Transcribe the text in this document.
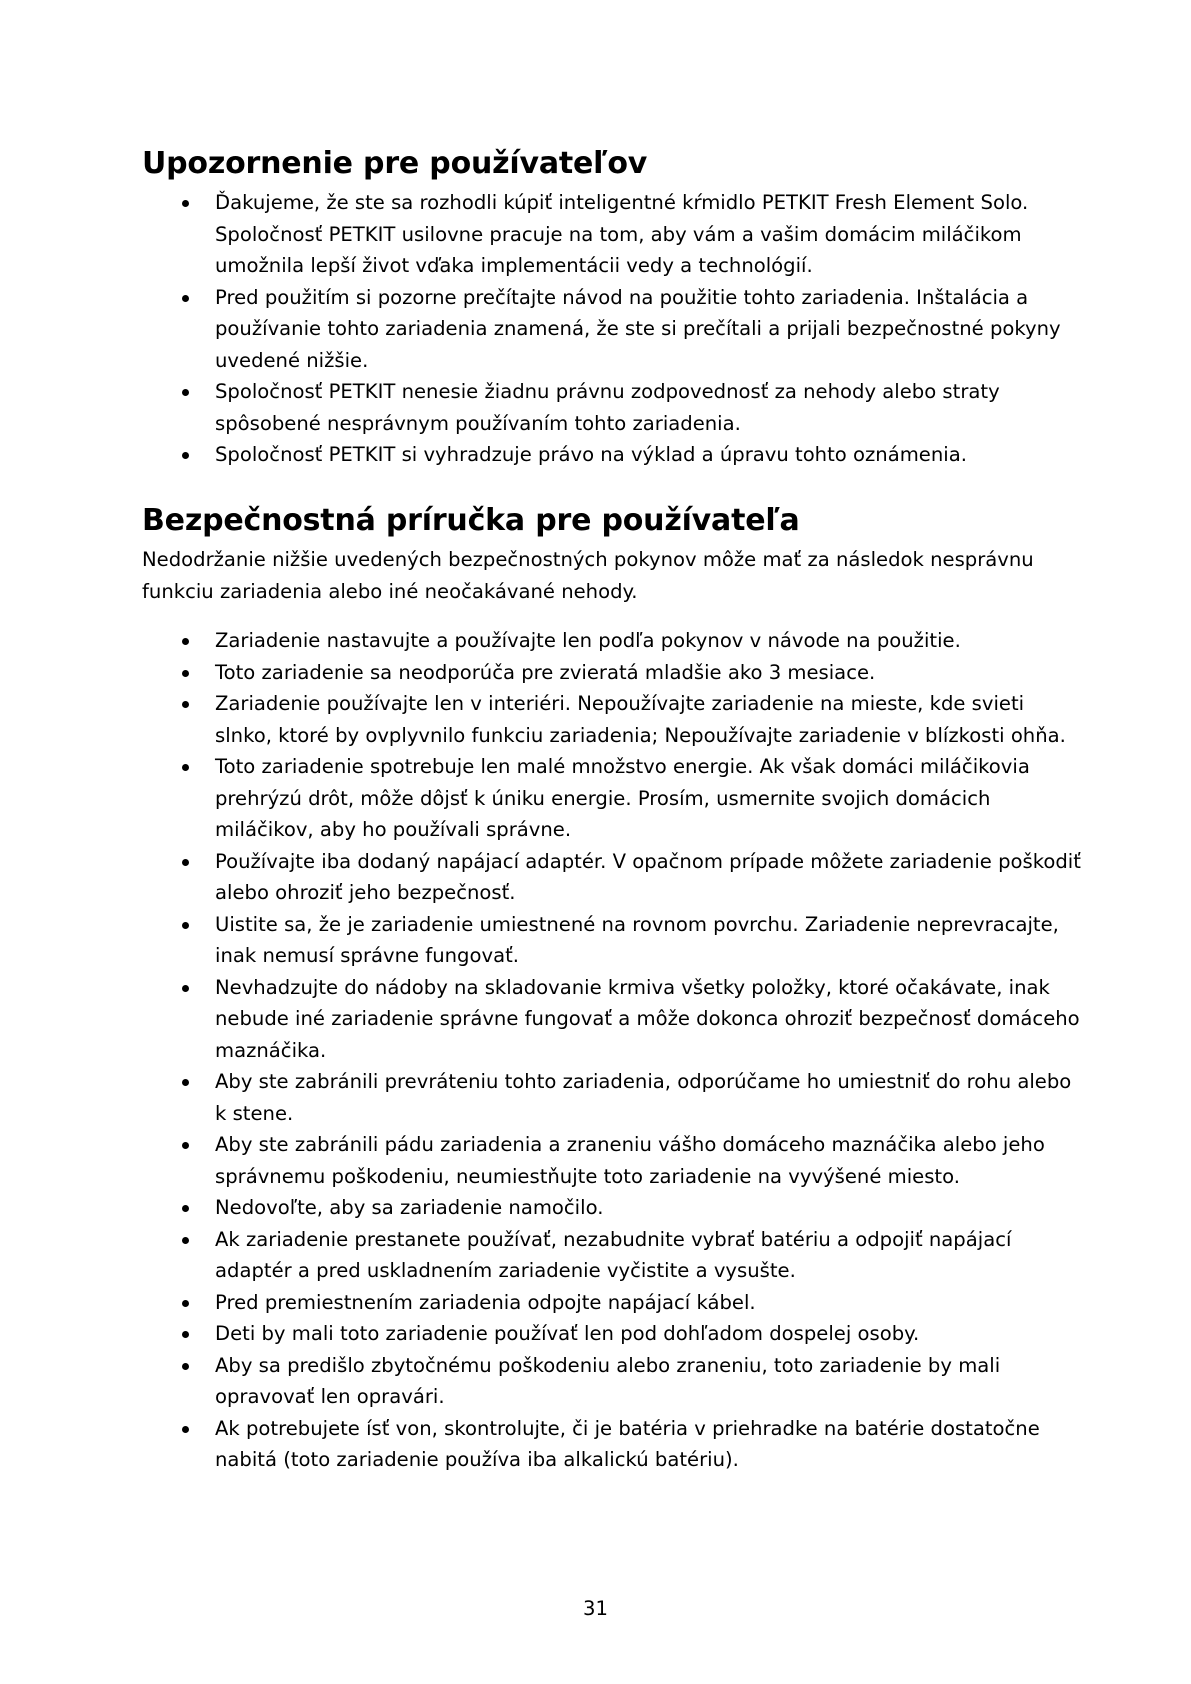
Upozornenie pre používateľov
Ďakujeme, že ste sa rozhodli kúpiť inteligentné kŕmidlo PETKIT Fresh Element Solo. Spoločnosť PETKIT usilovne pracuje na tom, aby vám a vašim domácim miláčikom umožnila lepší život vďaka implementácii vedy a technológií.
Pred použitím si pozorne prečítajte návod na použitie tohto zariadenia. Inštalácia a používanie tohto zariadenia znamená, že ste si prečítali a prijali bezpečnostné pokyny uvedené nižšie.
Spoločnosť PETKIT nenesie žiadnu právnu zodpovednosť za nehody alebo straty spôsobené nesprávnym používaním tohto zariadenia.
Spoločnosť PETKIT si vyhradzuje právo na výklad a úpravu tohto oznámenia.
Bezpečnostná príručka pre používateľa

Nedodržanie nižšie uvedených bezpečnostných pokynov môže mať za následok nesprávnu funkciu zariadenia alebo iné neočakávané nehody.

Zariadenie nastavujte a používajte len podľa pokynov v návode na použitie.
Toto zariadenie sa neodporúča pre zvieratá mladšie ako 3 mesiace.
Zariadenie používajte len v interiéri. Nepoužívajte zariadenie na mieste, kde svieti slnko, ktoré by ovplyvnilo funkciu zariadenia; Nepoužívajte zariadenie v blízkosti ohňa.
Toto zariadenie spotrebuje len malé množstvo energie. Ak však domáci miláčikovia prehrýzú drôt, môže dôjsť k úniku energie. Prosím, usmernite svojich domácich miláčikov, aby ho používali správne.
Používajte iba dodaný napájací adaptér. V opačnom prípade môžete zariadenie poškodiť alebo ohroziť jeho bezpečnosť.
Uistite sa, že je zariadenie umiestnené na rovnom povrchu. Zariadenie neprevracajte, inak nemusí správne fungovať.
Nevhadzujte do nádoby na skladovanie krmiva všetky položky, ktoré očakávate, inak nebude iné zariadenie správne fungovať a môže dokonca ohroziť bezpečnosť domáceho maznáčika.
Aby ste zabránili prevráteniu tohto zariadenia, odporúčame ho umiestniť do rohu alebo k stene.
Aby ste zabránili pádu zariadenia a zraneniu vášho domáceho maznáčika alebo jeho správnemu poškodeniu, neumiestňujte toto zariadenie na vyvýšené miesto.
Nedovoľte, aby sa zariadenie namočilo.
Ak zariadenie prestanete používať, nezabudnite vybrať batériu a odpojiť napájací adaptér a pred uskladnením zariadenie vyčistite a vysušte.
Pred premiestnením zariadenia odpojte napájací kábel.
Deti by mali toto zariadenie používať len pod dohľadom dospelej osoby.
Aby sa predišlo zbytočnému poškodeniu alebo zraneniu, toto zariadenie by mali opravovať len opravári.
Ak potrebujete ísť von, skontrolujte, či je batéria v priehradke na batérie dostatočne nabitá (toto zariadenie používa iba alkalickú batériu).
31
